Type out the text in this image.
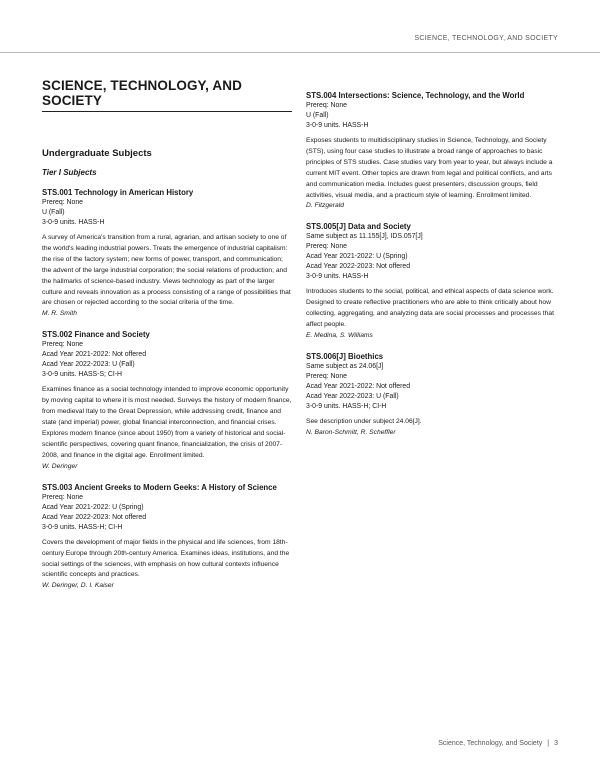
SCIENCE, TECHNOLOGY, AND SOCIETY
SCIENCE, TECHNOLOGY, AND SOCIETY
Undergraduate Subjects
Tier I Subjects
STS.001 Technology in American History
Prereq: None
U (Fall)
3-0-9 units. HASS-H

A survey of America's transition from a rural, agrarian, and artisan society to one of the world's leading industrial powers. Treats the emergence of industrial capitalism: the rise of the factory system; new forms of power, transport, and communication; the advent of the large industrial corporation; the social relations of production; and the hallmarks of science-based industry. Views technology as part of the larger culture and reveals innovation as a process consisting of a range of possibilities that are chosen or rejected according to the social criteria of the time.

M. R. Smith
STS.002 Finance and Society
Prereq: None
Acad Year 2021-2022: Not offered
Acad Year 2022-2023: U (Fall)
3-0-9 units. HASS-S; CI-H

Examines finance as a social technology intended to improve economic opportunity by moving capital to where it is most needed. Surveys the history of modern finance, from medieval Italy to the Great Depression, while addressing credit, finance and state (and imperial) power, global financial interconnection, and financial crises. Explores modern finance (since about 1950) from a variety of historical and social-scientific perspectives, covering quant finance, financialization, the crisis of 2007-2008, and finance in the digital age. Enrollment limited.

W. Deringer
STS.003 Ancient Greeks to Modern Geeks: A History of Science
Prereq: None
Acad Year 2021-2022: U (Spring)
Acad Year 2022-2023: Not offered
3-0-9 units. HASS-H; CI-H

Covers the development of major fields in the physical and life sciences, from 18th-century Europe through 20th-century America. Examines ideas, institutions, and the social settings of the sciences, with emphasis on how cultural contexts influence scientific concepts and practices.

W. Deringer, D. I. Kaiser
STS.004 Intersections: Science, Technology, and the World
Prereq: None
U (Fall)
3-0-9 units. HASS-H

Exposes students to multidisciplinary studies in Science, Technology, and Society (STS), using four case studies to illustrate a broad range of approaches to basic principles of STS studies. Case studies vary from year to year, but always include a current MIT event. Other topics are drawn from legal and political conflicts, and arts and communication media. Includes guest presenters, discussion groups, field activities, visual media, and a practicum style of learning. Enrollment limited.

D. Fitzgerald
STS.005[J] Data and Society
Same subject as 11.155[J], IDS.057[J]
Prereq: None
Acad Year 2021-2022: U (Spring)
Acad Year 2022-2023: Not offered
3-0-9 units. HASS-H

Introduces students to the social, political, and ethical aspects of data science work. Designed to create reflective practitioners who are able to think critically about how collecting, aggregating, and analyzing data are social processes and processes that affect people.

E. Medina, S. Williams
STS.006[J] Bioethics
Same subject as 24.06[J]
Prereq: None
Acad Year 2021-2022: Not offered
Acad Year 2022-2023: U (Fall)
3-0-9 units. HASS-H; CI-H

See description under subject 24.06[J].

N. Baron-Schmitt, R. Scheffler
Science, Technology, and Society | 3
